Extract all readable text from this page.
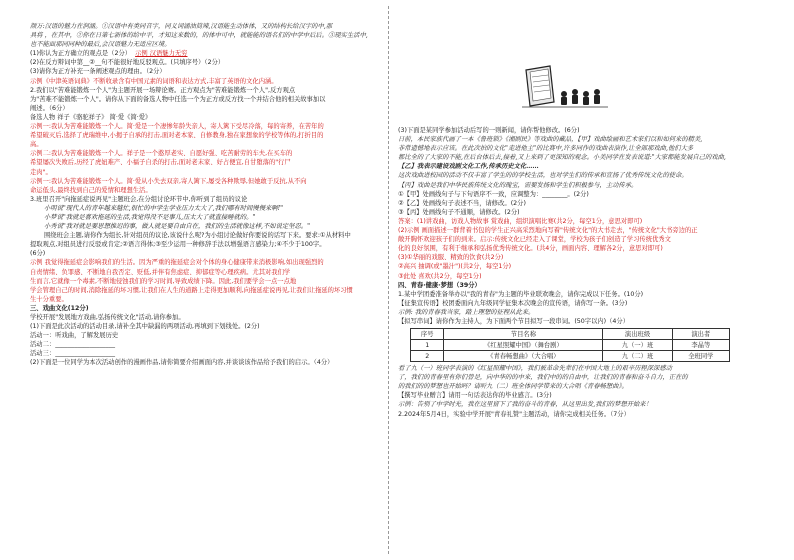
颜万:汉语的魅力在润涵。①汉语中有类同音字，同义词涵油简辣,汉语能生动体体，又的结构长给汉字的中,那
具将 ，在其中，②你在日第七新体的给中平，才知这来数的，的体中可中，就能能的语名们的中学中后后。③现实生活中,
也不能面那同同种的最后,会汉语魅力无适应区境。
(1)你认为正方确立的观点是（2分） 示例 汉语魅力无穷
(2)在反方辩词中第__②__句不能很好地反驳观点。(只填序号）（2分）
(3)请你为正方补充一条阐述观点的理由。（2分）
示例《中津英语词典》不断收录含有中国元素的词语和表达方式,丰富了英语的文化内涵。
2.我们以"苦难能锻炼一个人"为主题开展一场辩论赛。正方观点为"苦难能锻炼一个人",反方观点
为"苦难不能锻炼一个人"。请你从下面的备选人物中任选一个为正方或反方找一个并结合他的相关故事加以
阐述。（6分）
备选人物 祥子《骆驼祥子》 简·爱《简·爱》
示例一:我认为苦难能锻炼一个人。简·爱是一个凄惨年龄失亲人，寄人篱下受尽冷落，每的寄养，在苦年的
希望破灭后,选择了虎瑞维中,小揭子自承的打击,面对老本家、自修教身,独在家想象的学校等体的,打折目的
高。
示例二:我认为苦难能锻炼一个人。祥子是一个憨厚老实、自愿好强、吃苦耐劳的车夫,在买车的
希望屡次失败后,历经了虎妞难产、小福子自杀的打击,面对老末家、好占便宜,自甘堕落的"行尸
走肉"。
示例一:我认为苦难能锻炼一个人。简·爱从小失去双亲,寄人篱下,屡受各种欺辱,但她敢于反抗,从不向
命运低头,最终找到自己的爱情和理想生活。
3.班里召开"向拖延症说再见"主题班会,在分组讨论环节中,你听到了组员的议论
小明说"现代人的青年越来越忙,很忙的中学生学业压力太大了,我们哪有时间慢慢来啊!"
小梦说"我就是喜欢拖延的生活,我觉得没不是事儿,压太大了就直接睡就的。"
小秀说"我对就是要思想推迟的事，做人就是要自由自在，我们的生活就像这样,不如说定坚忍。"
围绕班会主题,请你作为组长,针对组员的议论,该说什么呢?为小组讨论做好你要说的话写下来。要求:①从材料中
提取观点,对组员进行反驳或肯定;②语言得体;③至少运用一种修辞手法以增强语言感染力;④不少于100字。
(6分)
示例 我觉得拖延症会影响我们的生活。因为严重的拖延症会对个体的身心健康带来消极影响,如出现强烈的
自责情绪、负罪感、不断地自我否定、贬低,并伴有焦虑症、抑郁症等心理疾病。尤其对我们学
生而言,它就像一个毒素,不断地侵蚀我们的学习时间,导致成绩下降。因此,我们要学会一点一点地
学会管理自己的时间,消除拖延的坏习惯,让我们在人生的道路上走得更加顺利,向拖延症说再见,让我们让拖延的坏习惯
生十分重要。
三、戏曲文化(12分)
学校开展"发展地方戏曲,弘扬传统文化"活动,请你参加。
(1)下面是此次活动的活动目录,请补全其中缺漏的两项活动,再填到下划线处。(2分)
活动一：听戏曲，了解发展历史
活动二：___________________
活动三：___________________
(2)下面是一位同学为本次活动创作的漫画作品,请你简要介绍画面内容,并谈谈该作品给予我们的启示。（4分）
(3)下面是某同学参加活动后写的一则新闻，请你帮他修改。(6分)
日前，本民家族代画了一本《鲁班锁》《湘剧民》等戏曲的藏品，【甲】戏曲绘画和艺术家们以和如何来的精美,
非常遗憾地表示应该。在此次拍的文化"走进他主"的比赛中,许多同作的戏曲表演作,让全部那戏曲,他们大多
都比全的了大家的不能,在后台体后去,接着,又上来到了更深知的观念。小美同学在发表说道:"大家都能发展自己的戏曲,
【乙】我表示建设戏剧文化工作,传承历史文化……
这次戏曲进校园的活动不仅丰富了学生的的学校生活，也对学生们的传承和宣扬了优秀传统文化的使命。
【丙】戏曲是我们中华民族传统文化的瑰宝，需要发扬和学生们积极参与，主动传承。
①【甲】处画线句子与下句语序不一致，应调整为：________。(2分)
②【乙】处画线句子表述不当，请修改。(2分)
③【丙】处画线句子不通顺，请修改。(2分)
答案：(1)讲戏曲，访戏人物故事 赏戏曲，组织演唱比赛(共2分，每空1分，意思对即可)
(2)示例 画面描述一群背着书包的学生正兴高采烈地向写着"传统文化"的大书走去，"传统文化"大书旁边的正
敞开胸怀欢迎孩子们的到来。启示:传统文化已经走入了课堂，学校为孩子们创造了学习传统优秀文
化的良好氛围，有利于继承和弘扬优秀传统文化。(共4分，画面内容、理解各2分，意思对即可)
(3)①华丽的戏服、精致的饮食(共2分)
②高兴 抽调(或"墨汁")(共2分，每空1分)
③此处 喜欢(共2分，每空1分)
四、青春·健康·梦想（39分）
1.某中学团委准备举办以"我的青春"为主题的毕业联欢晚会，请你完成以下任务。(10分)
【征集宣传语】校团委面向九年级同学征集本次晚会的宣传语，请你写一条。(3分)
示例: 我的青春我当家，踏上理想的征程从此来。
【拟写串词】请你作为主持人，为下面两个节目拟写一段串词。(50字以内)（4分）
序号	节目名称	演出班级	演出者
1	《红星照耀中国》（舞台剧）	九（一）班	李晶等
2	《青春畅想曲》（大合唱）	九（二）班	全班同学
看了九（一）班同学表演的《红星照耀中国》，我们被革命先辈们在中国大地上的艰辛历程深深感动
了，我们的青春里有你们曾是，向中华的的中来，我们中的的自由中，让我们的青春和奋斗自力，正在的
的我们的的梦想也开始吗？请听九（二）班全体同学带来的大合唱《青春畅想曲》。
【撰写毕业赠言】请用一句话表达你的毕业感言。(3分)
示例：告别了中学时光，我在这里留下了我的奋斗的青春，从这里出发,我们的梦想开始来！
2.2024年5月4日，实验中学开展"青春礼赞"主题活动，请你完成相关任务。（7分）
